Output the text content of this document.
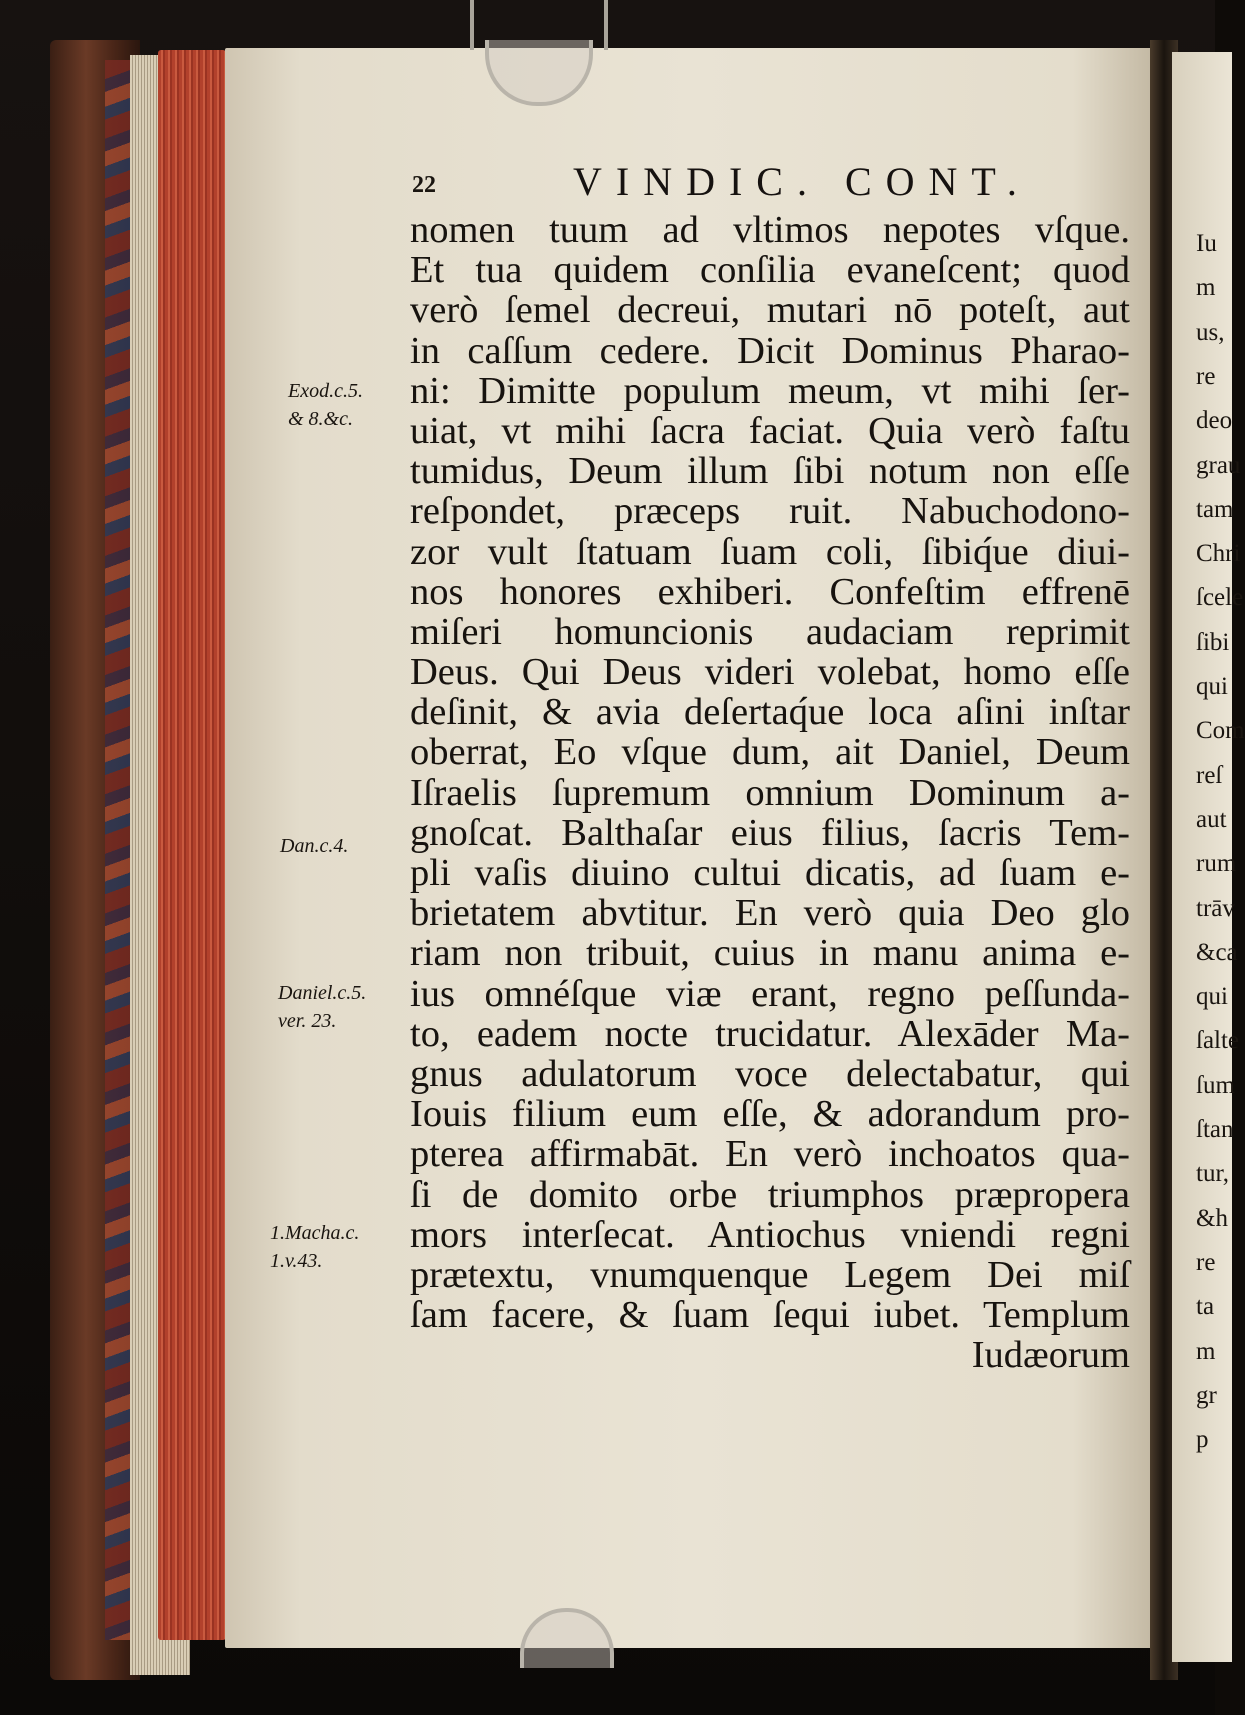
Iu
m
us,
re
deo
grau
tam
Chri
ſcele
ſibi
qui
Com
reſ
aut
rum
trāv
&ca
qui
ſalte
ſum
ſtan
tur,
&h
re
ta
m
gr
p
22	VINDIC. CONT.
nomen tuum ad vltimos nepotes vſque.
Et tua quidem conſilia evaneſcent; quod
verò ſemel decreui, mutari nō poteſt, aut
in caſſum cedere. Dicit Dominus Pharao-
ni: Dimitte populum meum, vt mihi ſer-
uiat, vt mihi ſacra faciat. Quia verò faſtu
tumidus, Deum illum ſibi notum non eſſe
reſpondet, præceps ruit. Nabuchodono-
zor vult ſtatuam ſuam coli, ſibiq́ue diui-
nos honores exhiberi. Confeſtim effrenē
miſeri homuncionis audaciam reprimit
Deus. Qui Deus videri volebat, homo eſſe
deſinit, & avia deſertaq́ue loca aſini inſtar
oberrat, Eo vſque dum, ait Daniel, Deum
Iſraelis ſupremum omnium Dominum a-
gnoſcat. Balthaſar eius filius, ſacris Tem-
pli vaſis diuino cultui dicatis, ad ſuam e-
brietatem abvtitur. En verò quia Deo glo
riam non tribuit, cuius in manu anima e-
ius omnéſque viæ erant, regno peſſunda-
to, eadem nocte trucidatur. Alexāder Ma-
gnus adulatorum voce delectabatur, qui
Iouis filium eum eſſe, & adorandum pro-
pterea affirmabāt. En verò inchoatos qua-
ſi de domito orbe triumphos præpropera
mors interſecat. Antiochus vniendi regni
prætextu, vnumquenque Legem Dei miſ
ſam facere, & ſuam ſequi iubet. Templum
Iudæorum
Exod.c.5.
& 8.&c.
Dan.c.4.
Daniel.c.5.
ver. 23.
1.Macha.c.
1.v.43.
